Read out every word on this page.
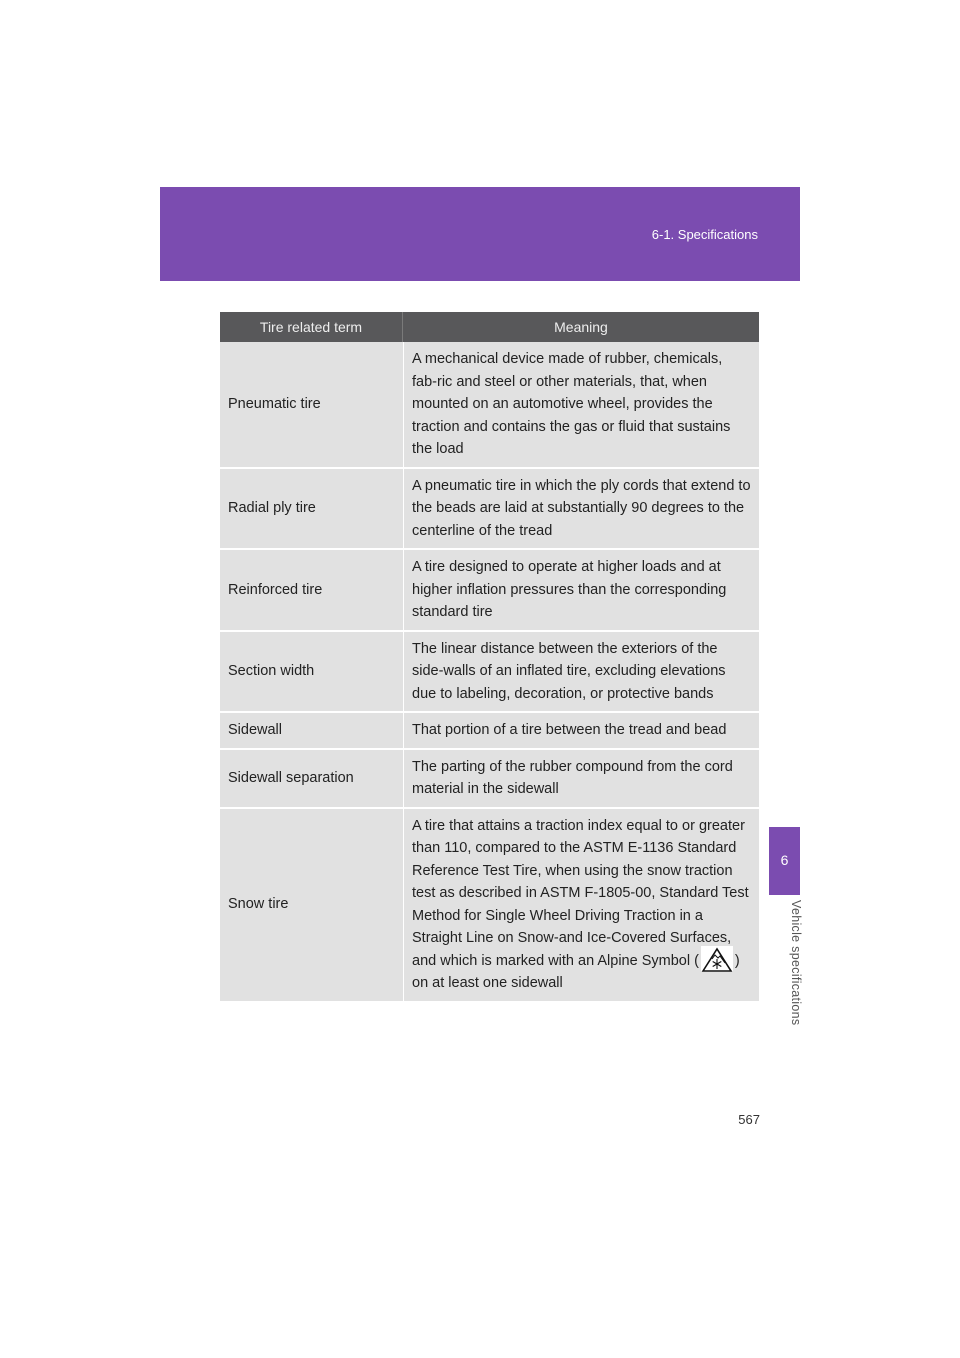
6-1. Specifications
6
Vehicle specifications
Tire related term	Meaning
Pneumatic tire	A mechanical device made of rubber, chemicals, fab-ric and steel or other materials, that, when mounted on an automotive wheel, provides the traction and contains the gas or fluid that sustains the load
Radial ply tire	A pneumatic tire in which the ply cords that extend to the beads are laid at substantially 90 degrees to the centerline of the tread
Reinforced tire	A tire designed to operate at higher loads and at higher inflation pressures than the corresponding standard tire
Section width	The linear distance between the exteriors of the side-walls of an inflated tire, excluding elevations due to labeling, decoration, or protective bands
Sidewall	That portion of a tire between the tread and bead
Sidewall separation	The parting of the rubber compound from the cord material in the sidewall
Snow tire	A tire that attains a traction index equal to or greater than 110, compared to the ASTM E-1136 Standard Reference Test Tire, when using the snow traction test as described in ASTM F-1805-00, Standard Test Method for Single Wheel Driving Traction in a Straight Line on Snow-and Ice-Covered Surfaces, and which is marked with an Alpine Symbol ( ) on at least one sidewall
567
